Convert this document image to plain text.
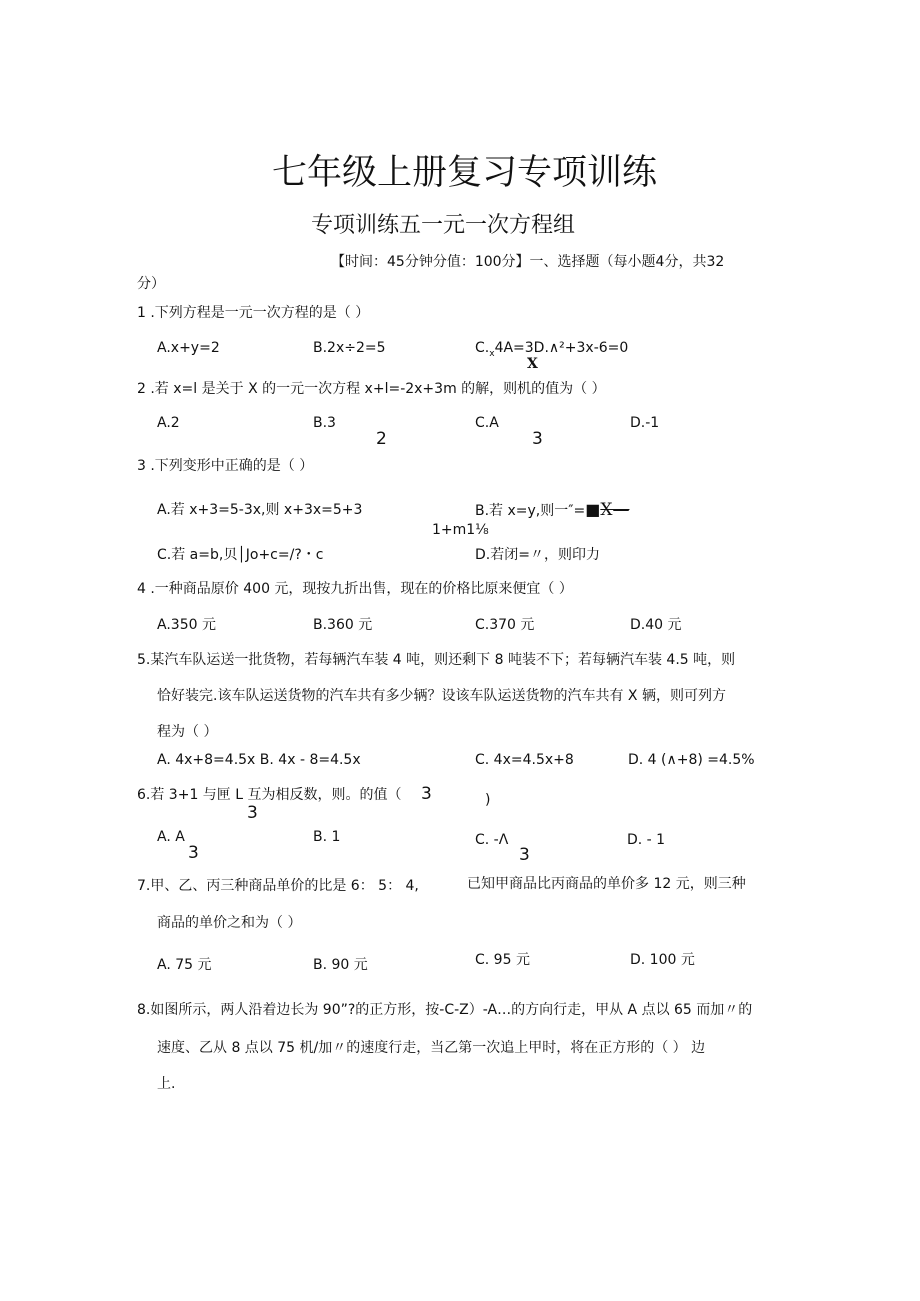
七年级上册复习专项训练
专项训练五一元一次方程组
【时间：45分钟分值：100分】一、选择题（每小题4分，共32
分）
1 .下列方程是一元一次方程的是（ ）
A.x+y=2	B.2x÷2=5	$C._x4A=3D.\wedge^2+3x-6=0$
X
2 .若 x=l 是关于 X 的一元一次方程 x+l=-2x+3m 的解，则机的值为（ ）
A.2	B.3
2
C.A
3
D.-1
3 .下列变形中正确的是（ ）
A.若 x+3=5-3x,则 x+3x=5+3	B.若 x=y,则一″=■X—
1+m1⅛
C.若 a=b,贝│Jo+c=/?・c	D.若闭=〃，则印力
4 .一种商品原价 400 元，现按九折出售，现在的价格比原来便宜（ ）
A.350 元	B.360 元	C.370 元	D.40 元
5.某汽车队运送一批货物，若每辆汽车装 4 吨，则还剩下 8 吨装不下；若每辆汽车装 4.5 吨，则
恰好装完.该车队运送货物的汽车共有多少辆？设该车队运送货物的汽车共有 X 辆，则可列方
程为（ ）
A. 4x+8=4.5x B. 4x - 8=4.5x	C. 4x=4.5x+8	D. 4 (∧+8) =4.5%
6.若 3+1 与匣 L 互为相反数，则。的值（ 3	)
3
A. A
3
B. 1	C. -Λ
3
D. - 1
7.甲、乙、丙三种商品单价的比是 6： 5： 4,	已知甲商品比丙商品的单价多 12 元，则三种
商品的单价之和为（ ）
A. 75 元	B. 90 元	C. 95 元	D. 100 元
8.如图所示，两人沿着边长为 90”?的正方形，按-C-Z）-A…的方向行走，甲从 A 点以 65 而加〃的
速度、乙从 8 点以 75 机/加〃的速度行走，当乙第一次追上甲时，将在正方形的（ ） 边
上.
